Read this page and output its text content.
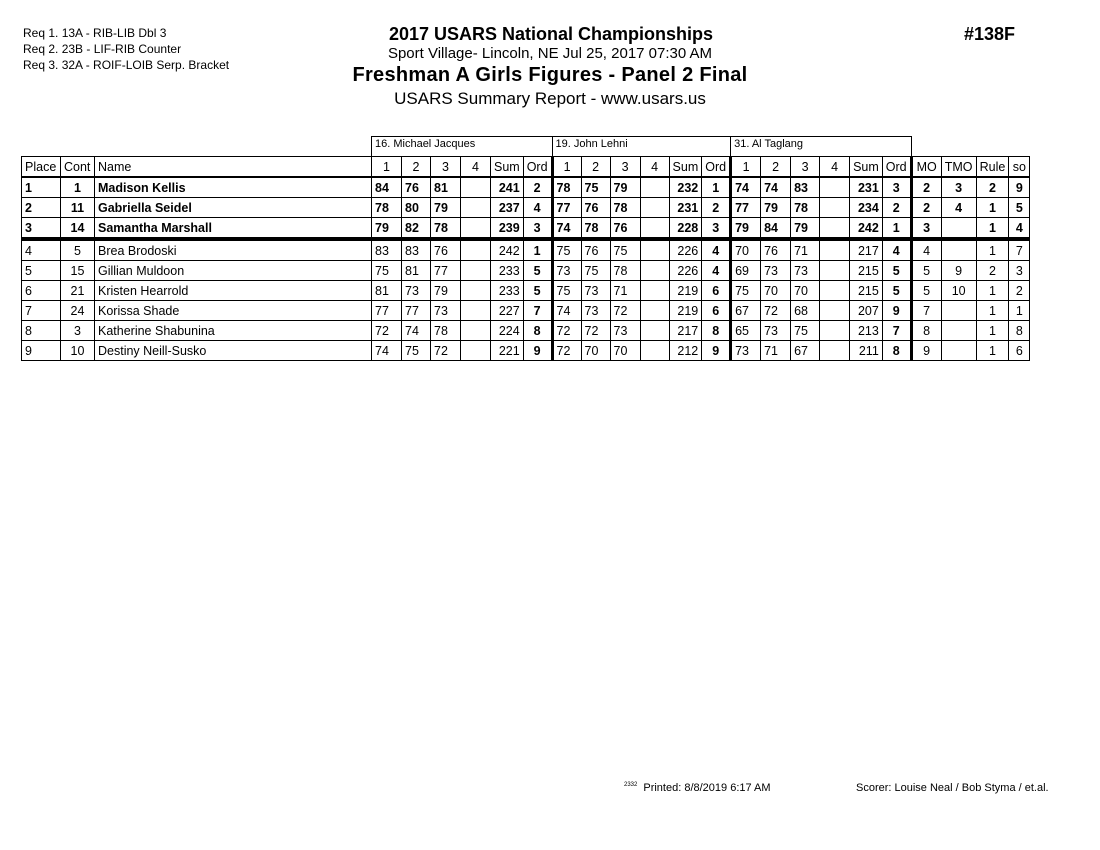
Req 1. 13A - RIB-LIB Dbl 3
Req 2. 23B - LIF-RIB Counter
Req 3. 32A - ROIF-LOIB Serp. Bracket
#138F
2017 USARS National Championships
Sport Village- Lincoln, NE Jul 25, 2017 07:30 AM
Freshman A Girls Figures - Panel 2 Final
USARS Summary Report - www.usars.us
			16. Michael Jacques						19. John Lehni						31. Al Taglang									
Place	Cont	Name	1	2	3	4	Sum	Ord	1	2	3	4	Sum	Ord	1	2	3	4	Sum	Ord	MO	TMO	Rule	so
1	1	Madison Kellis	84	76	81		241	2	78	75	79		232	1	74	74	83		231	3	2	3	2	9
2	11	Gabriella Seidel	78	80	79		237	4	77	76	78		231	2	77	79	78		234	2	2	4	1	5
3	14	Samantha Marshall	79	82	78		239	3	74	78	76		228	3	79	84	79		242	1	3		1	4
4	5	Brea Brodoski	83	83	76		242	1	75	76	75		226	4	70	76	71		217	4	4		1	7
5	15	Gillian Muldoon	75	81	77		233	5	73	75	78		226	4	69	73	73		215	5	5	9	2	3
6	21	Kristen Hearrold	81	73	79		233	5	75	73	71		219	6	75	70	70		215	5	5	10	1	2
7	24	Korissa Shade	77	77	73		227	7	74	73	72		219	6	67	72	68		207	9	7		1	1
8	3	Katherine Shabunina	72	74	78		224	8	72	72	73		217	8	65	73	75		213	7	8		1	8
9	10	Destiny Neill-Susko	74	75	72		221	9	72	70	70		212	9	73	71	67		211	8	9		1	6
$^{2332}$ Printed: 8/8/2019 6:17 AM	Scorer: Louise Neal / Bob Styma / et.al.
